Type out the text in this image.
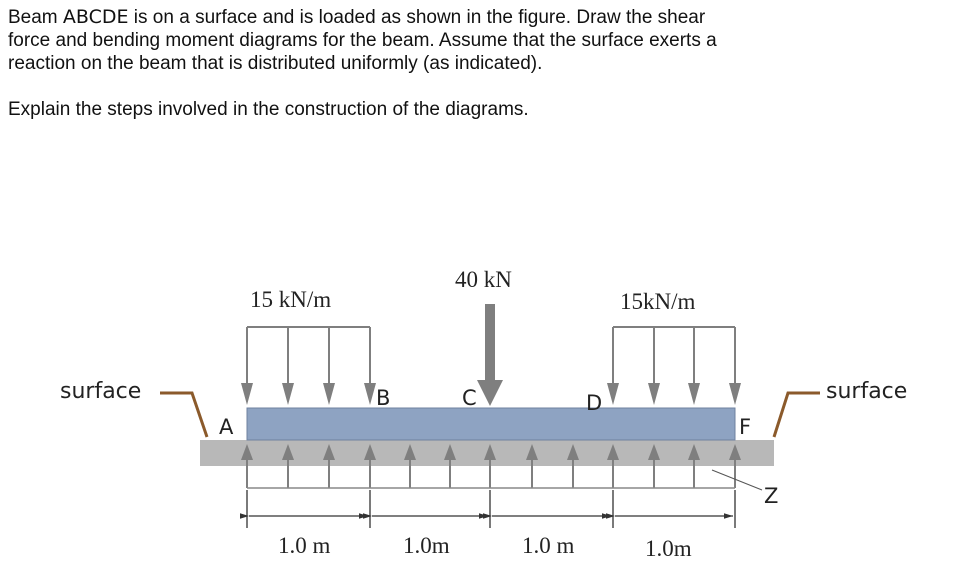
Beam ABCDE is on a surface and is loaded as shown in the figure. Draw the shear

force and bending moment diagrams for the beam. Assume that the surface exerts a

reaction on the beam that is distributed uniformly (as indicated).

Explain the steps involved in the construction of the diagrams.

15 kN/m
40 kN
15kN/m
surface	surface
A
B	C	D
F
Z
1.0 m	1.0m	1.0 m	1.0m
